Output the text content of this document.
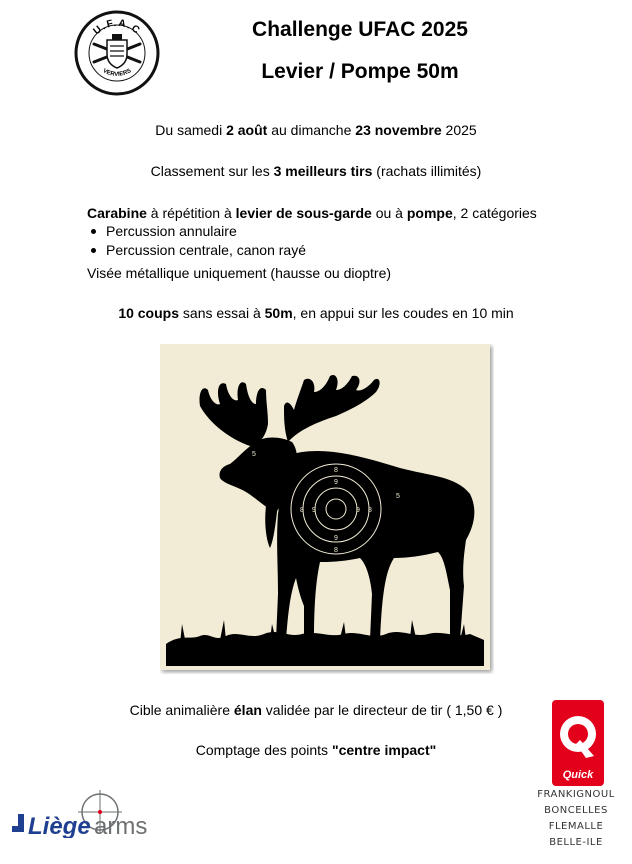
U.F.A.C
VERVIERS
Challenge UFAC 2025
Levier / Pompe 50m
Du samedi 2 août au dimanche 23 novembre 2025
Classement sur les 3 meilleurs tirs (rachats illimités)
Carabine à répétition à levier de sous-garde ou à pompe, 2 catégories
Percussion annulaire
Percussion centrale, canon rayé
Visée métallique uniquement (hausse ou dioptre)
10 coups sans essai à 50m, en appui sur les coudes en 10 min
8
9
9
8
8 9	9 8
5
5
Cible animalière élan validée par le directeur de tir ( 1,50 € )
Comptage des points "centre impact"
Liège arms
Quick
FRANKIGNOUL
BONCELLES
FLEMALLE
BELLE-ILE
